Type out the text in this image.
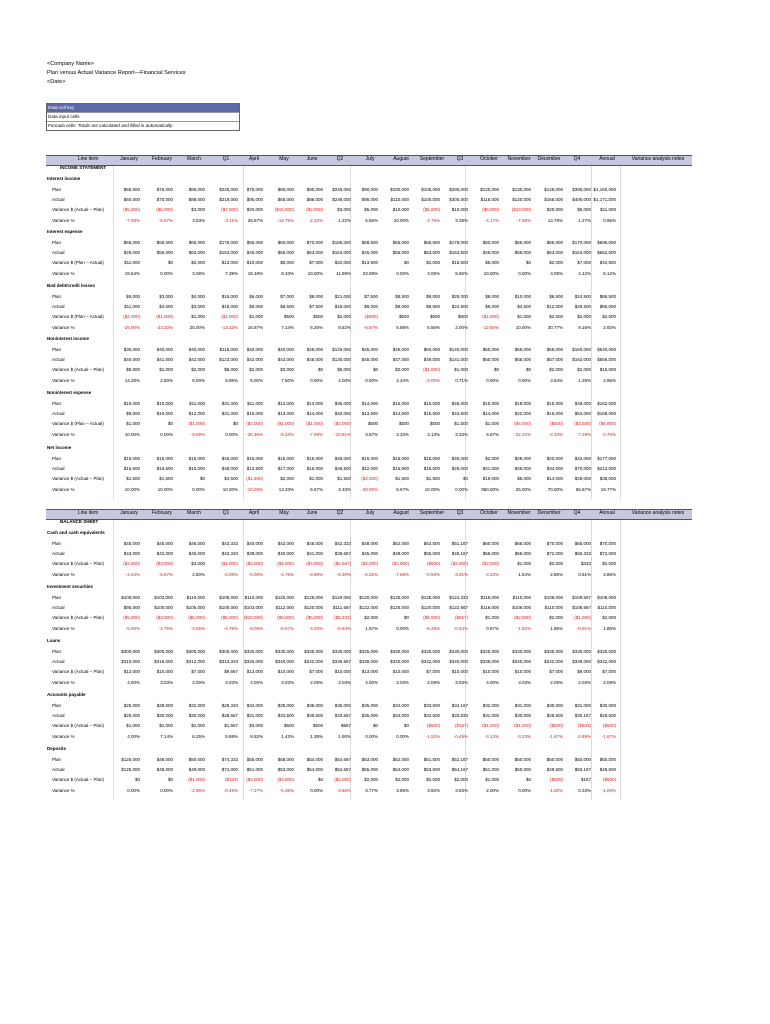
<Company Name>
Plan versus Actual Variance Report—Financial Services
<Date>
Data cell key
Data input cells
Formula cells: Totals are calculated and filled in automatically
Line item	January	February	March	Q1	April	May	June	Q2	July	August	September	Q3	October	November	December	Q4	Annual	Variance analysis notes
INCOME STATEMENT
Interest income
Plan	$65,000	$75,000	$85,000	$225,000	$75,000	$80,000	$90,000	$245,000	$90,000	$100,000	$105,000	$295,000	$120,000	$130,000	$145,000	$395,000 $1,160,000
Actual	$60,000	$70,000	$88,000	$218,000	$95,000	$65,000	$88,000	$248,000	$95,000	$110,000	$100,000	$305,000	$115,000	$120,000	$165,000	$400,000 $1,171,000
Variance $ (Actual – Plan)	($5,000)	($5,000)	$3,000	($7,000)	$20,000	($15,000)	($2,000)	$3,000	$5,000	$10,000	($5,000)	$10,000	($5,000)	($10,000)	$20,000	$5,000	$11,000
Variance %	-7.69%	-6.67%	3.53%	-3.11%	26.67%	-18.75%	-2.22%	1.22%	5.56%	10.00%	-4.76%	3.39%	-4.17%	-7.69%	13.79%	1.27%	0.95%
Interest expense
Plan	$56,000	$55,000	$65,000	$176,000	$55,000	$60,000	$70,000	$185,000	$58,500	$55,000	$65,500	$179,000	$50,000	$55,000	$65,000	$170,000	$695,000
Actual	$45,000	$55,000	$63,000	$163,000	$45,000	$55,000	$63,000	$163,000	$45,000	$55,000	$63,500	$163,500	$45,000	$55,000	$63,000	$163,000	$652,500
Variance $ (Plan – Actual)	$11,000	$0	$2,000	$13,000	$10,000	$5,000	$7,000	$22,000	$13,500	$0	$2,000	$15,500	$5,000	$0	$2,000	$7,000	$42,500
Variance %	19.64%	0.00%	3.08%	7.39%	18.18%	8.33%	10.00%	11.89%	23.08%	0.00%	3.05%	8.66%	10.00%	0.00%	3.08%	4.12%	6.12%
Bad debt/credit losses
Plan	$9,000	$3,000	$4,000	$16,000	$6,000	$7,000	$8,000	$21,000	$7,500	$8,500	$9,000	$25,000	$8,000	$10,000	$6,500	$24,500	$86,500
Actual	$11,000	$4,000	$3,000	$18,000	$5,000	$6,500	$7,500	$19,000	$8,000	$8,000	$8,500	$24,500	$9,000	$4,500	$12,000	$25,500	$86,000
Variance $ (Plan – Actual)	($2,000)	($1,000)	$1,000	($2,000)	$1,000	$500	$500	$2,000	($500)	$500	$500	$500	($1,000)	$1,000	$2,000	$2,000	$2,500
Variance %	-25.00%	-33.33%	25.00%	-13.33%	16.67%	7.14%	6.25%	9.52%	-6.67%	5.88%	5.56%	2.00%	-12.50%	10.00%	30.77%	8.16%	2.92%
Noninterest income
Plan	$35,000	$40,000	$40,000	$115,000	$40,000	$40,000	$45,000	$125,000	$45,000	$45,000	$50,000	$140,000	$50,000	$55,000	$55,000	$160,000	$540,000
Actual	$40,000	$41,000	$42,000	$123,000	$42,000	$43,000	$45,000	$130,000	$45,000	$47,000	$49,000	$141,000	$50,000	$55,000	$57,000	$162,000	$556,000
Variance $ (Actual – Plan)	$5,000	$1,000	$2,000	$8,000	$2,000	$3,000	$0	$5,000	$0	$2,000	($1,000)	$1,000	$0	$0	$2,000	$2,000	$16,000
Variance %	14.29%	2.50%	5.00%	6.96%	5.00%	7.50%	0.00%	4.00%	0.00%	4.44%	-2.00%	0.71%	0.00%	0.00%	3.64%	1.25%	2.96%
Noninterest expense
Plan	$10,000	$10,000	$11,000	$31,000	$11,000	$12,000	$13,000	$36,000	$14,000	$15,000	$16,000	$45,000	$15,000	$18,000	$15,000	$48,000	$162,000
Actual	$9,000	$10,000	$12,000	$31,000	$15,000	$13,000	$14,000	$40,000	$13,500	$14,500	$15,500	$43,500	$14,000	$22,000	$16,000	$52,000	$168,000
Variance $ (Plan – Actual)	$1,000	$0	($1,000)	$0	($4,000)	($1,000)	($1,000)	($4,000)	$500	$500	$500	$1,500	$1,000	($4,000)	($500)	($3,500)	($6,000)
Variance %	10.00%	0.00%	-9.09%	0.00%	-36.36%	-8.33%	-7.69%	-10.81%	3.57%	3.33%	3.13%	3.33%	6.67%	-22.22%	-3.33%	-7.29%	-3.70%
Net income
Plan	$15,000	$15,000	$15,000	$45,000	$15,000	$15,000	$15,000	$45,000	$15,000	$15,000	$15,000	$45,000	$2,000	$28,000	$20,000	$42,000	$177,000
Actual	$16,500	$16,500	$15,000	$48,000	$13,500	$17,000	$16,000	$46,500	$12,000	$16,500	$16,500	$45,000	$21,000	$25,000	$34,000	$70,000	$212,000
Variance $ (Actual – Plan)	$1,500	$1,500	$0	$4,500	($1,500)	$2,000	$1,000	$1,500	($3,000)	$1,500	$1,500	$0	$19,000	$5,000	$14,000	$28,000	$35,000
Variance %	10.00%	10.00%	0.00%	10.00%	-10.00%	13.33%	6.67%	3.33%	-20.00%	6.67%	10.00%	0.00%	950.00%	25.00%	70.00%	66.67%	19.77%
Line item	January	February	March	Q1	April	May	June	Q2	July	August	September	Q3	October	November	December	Q4	Annual	Variance analysis notes
BALANCE SHEET
Cash and cash equivalents
Plan	$45,000	$45,000	$46,000	$43,333	$40,000	$42,000	$45,000	$42,333	$48,000	$52,000	$53,500	$51,167	$60,000	$65,000	$70,000	$65,000	$70,000
Actual	$43,000	$42,000	$45,000	$43,333	$38,000	$40,000	$41,000	$39,667	$45,000	$48,000	$55,000	$49,167	$58,000	$66,000	$72,000	$65,333	$72,000
Variance $ (Actual – Plan)	($2,000)	($3,000)	$3,000	($1,000)	($2,000)	($2,000)	($4,000)	($2,667)	($3,000)	($4,000)	($500)	($2,000)	($2,000)	$1,000	$2,000	$333	$2,000
Variance %	-4.44%	-6.67%	2.50%	-3.08%	-5.00%	-4.76%	-8.89%	-6.30%	-6.25%	-7.69%	-0.93%	-3.91%	-3.33%	1.54%	2.86%	0.51%	2.86%
Investment securities
Plan	$100,000	$103,000	$110,000	$105,000	$110,000	$120,000	$125,000	$120,000	$120,000	$125,000	$128,000	$124,333	$115,000	$110,000	$108,000	$109,667	$108,000
Actual	$95,000	$100,000	$105,000	$100,000	$103,000	$112,000	$120,000	$111,667	$122,000	$125,000	$120,000	$122,667	$116,000	$108,000	$110,000	$108,667	$110,000
Variance $ (Actual – Plan)	($5,000)	($3,000)	($5,000)	($5,000)	($10,000)	($8,000)	($5,000)	($8,333)	$2,000	$0	($8,000)	($667)	$1,000	($2,000)	$2,000	($1,000)	$2,000
Variance %	-5.00%	-4.76%	-4.55%	-4.76%	-9.09%	-6.67%	-4.00%	-6.94%	1.67%	0.00%	-6.25%	-0.54%	0.87%	-1.82%	1.85%	-0.91%	1.85%
Loans
Plan	$300,000	$305,000	$305,000	$305,000	$320,000	$330,000	$335,000	$330,000	$325,000	$330,000	$335,000	$330,000	$325,000	$330,000	$335,000	$330,000	$335,000
Actual	$310,000	$315,000	$312,000	$312,333	$325,000	$340,000	$342,000	$335,667	$338,000	$340,000	$342,000	$340,000	$335,000	$340,000	$342,000	$339,000	$342,000
Variance $ (Actual – Plan)	$12,000	$10,000	$7,000	$9,667	$13,000	$10,000	$7,000	$10,000	$13,000	$10,000	$7,000	$10,000	$10,000	$10,000	$7,000	$9,000	$7,000
Variance %	4.00%	3.03%	2.00%	3.03%	4.00%	3.03%	2.09%	3.03%	4.00%	3.03%	2.09%	3.03%	4.00%	3.03%	2.09%	2.03%	2.09%
Accounts payable
Plan	$25,000	$28,000	$32,000	$28,333	$34,000	$35,000	$36,000	$35,000	$35,000	$34,000	$33,500	$34,167	$32,000	$31,000	$30,000	$31,000	$30,000
Actual	$26,000	$30,000	$30,000	$28,667	$31,000	$34,500	$35,500	$33,667	$35,000	$34,000	$32,500	$33,833	$31,000	$30,000	$29,500	$30,167	$29,500
Variance $ (Actual – Plan)	$1,000	$2,000	$2,000	$1,667	$3,000	$500	$500	$667	$0	$0	($500)	($167)	($1,000)	($1,000)	($500)	($833)	($500)
Variance %	4.00%	7.14%	6.25%	5.88%	8.82%	1.43%	1.39%	1.90%	0.00%	0.00%	-1.52%	-0.49%	-3.13%	-3.23%	-1.67%	-2.69%	-1.67%
Deposits
Plan	$125,000	$48,000	$50,000	$74,333	$55,000	$58,000	$54,000	$54,667	$53,000	$52,000	$51,500	$52,167	$50,000	$50,000	$50,000	$50,000	$50,000
Actual	$125,000	$48,000	$49,000	$74,000	$51,000	$53,000	$54,000	$52,667	$55,000	$54,000	$53,500	$54,167	$51,000	$50,000	$49,500	$50,167	$49,500
Variance $ (Actual – Plan)	$0	$0	($1,000)	($333)	($4,000)	($3,000)	$0	($2,000)	$2,000	$2,000	$2,000	$2,000	$1,000	$0	($500)	$167	($500)
Variance %	0.00%	0.00%	-2.00%	-0.45%	-7.27%	-5.36%	0.00%	-3.66%	3.77%	3.85%	3.92%	3.83%	2.00%	0.00%	-1.00%	0.33%	-1.00%
